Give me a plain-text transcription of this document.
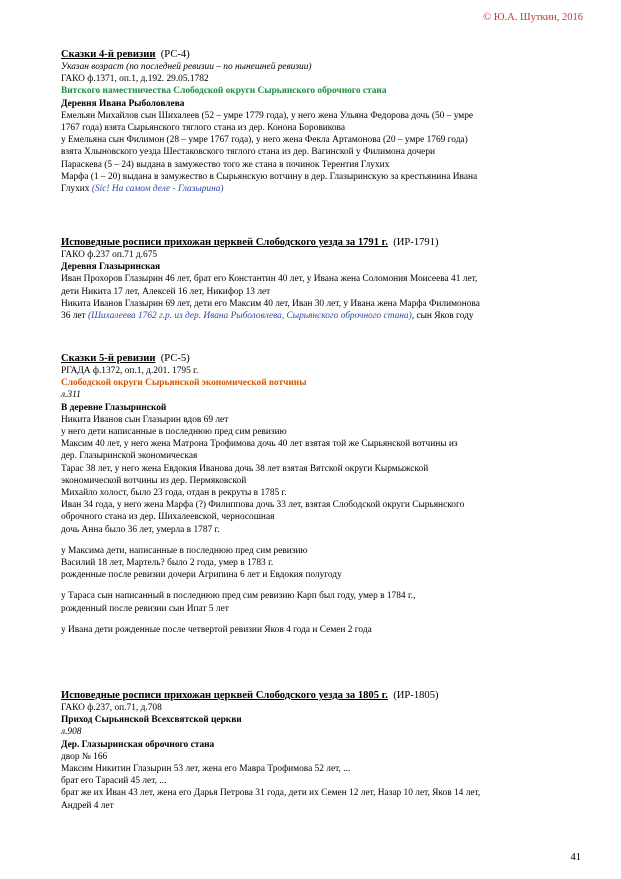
© Ю.А. Шуткин, 2016
Сказки 4-й ревизии (РС-4)
Указан возраст (по последней ревизии – по нынешней ревизии)
ГАКО ф.1371, оп.1, д.192. 29.05.1782
Витского наместничества Слободской округи Сырьянского оброчного стана
Деревня Ивана Рыболовлева
Емельян Михайлов сын Шихалеев (52 – умре 1779 года), у него жена Ульяна Федорова дочь (50 – умре
1767 года) взята Сырьянского тяглого стана из дер. Конона Боровикова
у Емельяна сын Филимон (28 – умре 1767 года), у него жена Фекла Артамонова (20 – умре 1769 года)
взята Хлыновского уезда Шестаковского тяглого стана из дер. Вагинской у Филимона дочери
Параскева (5 – 24) выдана в замужество того же стана в починок Терентия Глухих
Марфа (1 – 20) выдана в замужество в Сырьянскую вотчину в дер. Глазыринскую за крестьянина Ивана
Глухих (Sic! На самом деле - Глазырина)
Исповедные росписи прихожан церквей Слободского уезда за 1791 г. (ИР-1791)
ГАКО ф.237 оп.71 д.675
Деревня Глазыринская
Иван Прохоров Глазырин 46 лет, брат его Константин 40 лет, у Ивана жена Соломония Моисеева 41 лет,
дети Никита 17 лет, Алексей 16 лет, Никифор 13 лет
Никита Иванов Глазырин 69 лет, дети его Максим 40 лет, Иван 30 лет, у Ивана жена Марфа Филимонова
36 лет (Шихалеева 1762 г.р. из дер. Ивана Рыболовлева, Сырьянского оброчного стана), сын Яков году
Сказки 5-й ревизии (РС-5)
РГАДА ф.1372, оп.1, д.201. 1795 г.
Слободской округи Сырьянской экономической вотчины
л.311
В деревне Глазыринской
Никита Иванов сын Глазырин вдов 69 лет
у него дети написанные в последнюю пред сим ревизию
Максим 40 лет, у него жена Матрона Трофимова дочь 40 лет взятая той же Сырьянской вотчины из
дер. Глазыринской экономическая
Тарас 38 лет, у него жена Евдокия Иванова дочь 38 лет взятая Вятской округи Кырмыжской
экономической вотчины из дер. Пермяковской
Михайло холост, было 23 года, отдан в рекруты в 1785 г.
Иван 34 года, у него жена Марфа (?) Филиппова дочь 33 лет, взятая Слободской округи Сырьянского
оброчного стана из дер. Шихалеевской, черносошная
дочь Анна было 36 лет, умерла в 1787 г.
у Максима дети, написанные в последнюю пред сим ревизию
Василий 18 лет, Мартель? было 2 года, умер в 1783 г.
рожденные после ревизии дочери Агрипина 6 лет и Евдокия полугоду
у Тараса сын написанный в последнюю пред сим ревизию Карп был году, умер в 1784 г.,
рожденный после ревизии сын Ипат 5 лет
у Ивана дети рожденные после четвертой ревизии Яков 4 года и Семен 2 года
Исповедные росписи прихожан церквей Слободского уезда за 1805 г. (ИР-1805)
ГАКО ф.237, оп.71, д.708
Приход Сырьянской Всехсвятской церкви
л.908
Дер. Глазыринская оброчного стана
двор № 166
Максим Никитин Глазырин 53 лет, жена его Мавра Трофимова 52 лет, ...
брат его Тарасий 45 лет, ...
брат же их Иван 43 лет, жена его Дарья Петрова 31 года, дети их Семен 12 лет, Назар 10 лет, Яков 14 лет,
Андрей 4 лет
41
